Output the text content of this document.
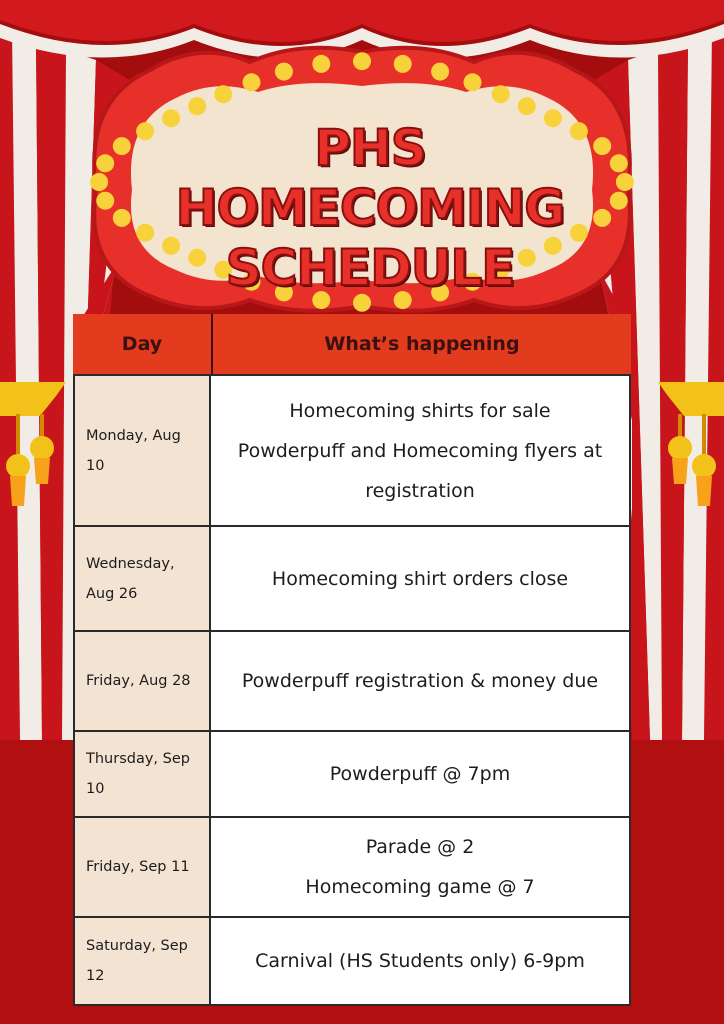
PHS HOMECOMING SCHEDULE
Day	What’s happening
Monday, Aug 10
Homecoming shirts for sale
Powderpuff and Homecoming flyers at registration
Wednesday, Aug 26
Homecoming shirt orders close
Friday, Aug 28	Powderpuff registration & money due
Thursday, Sep 10
Powderpuff @ 7pm
Friday, Sep 11
Parade @ 2
Homecoming game @ 7
Saturday, Sep 12
Carnival (HS Students only) 6-9pm
